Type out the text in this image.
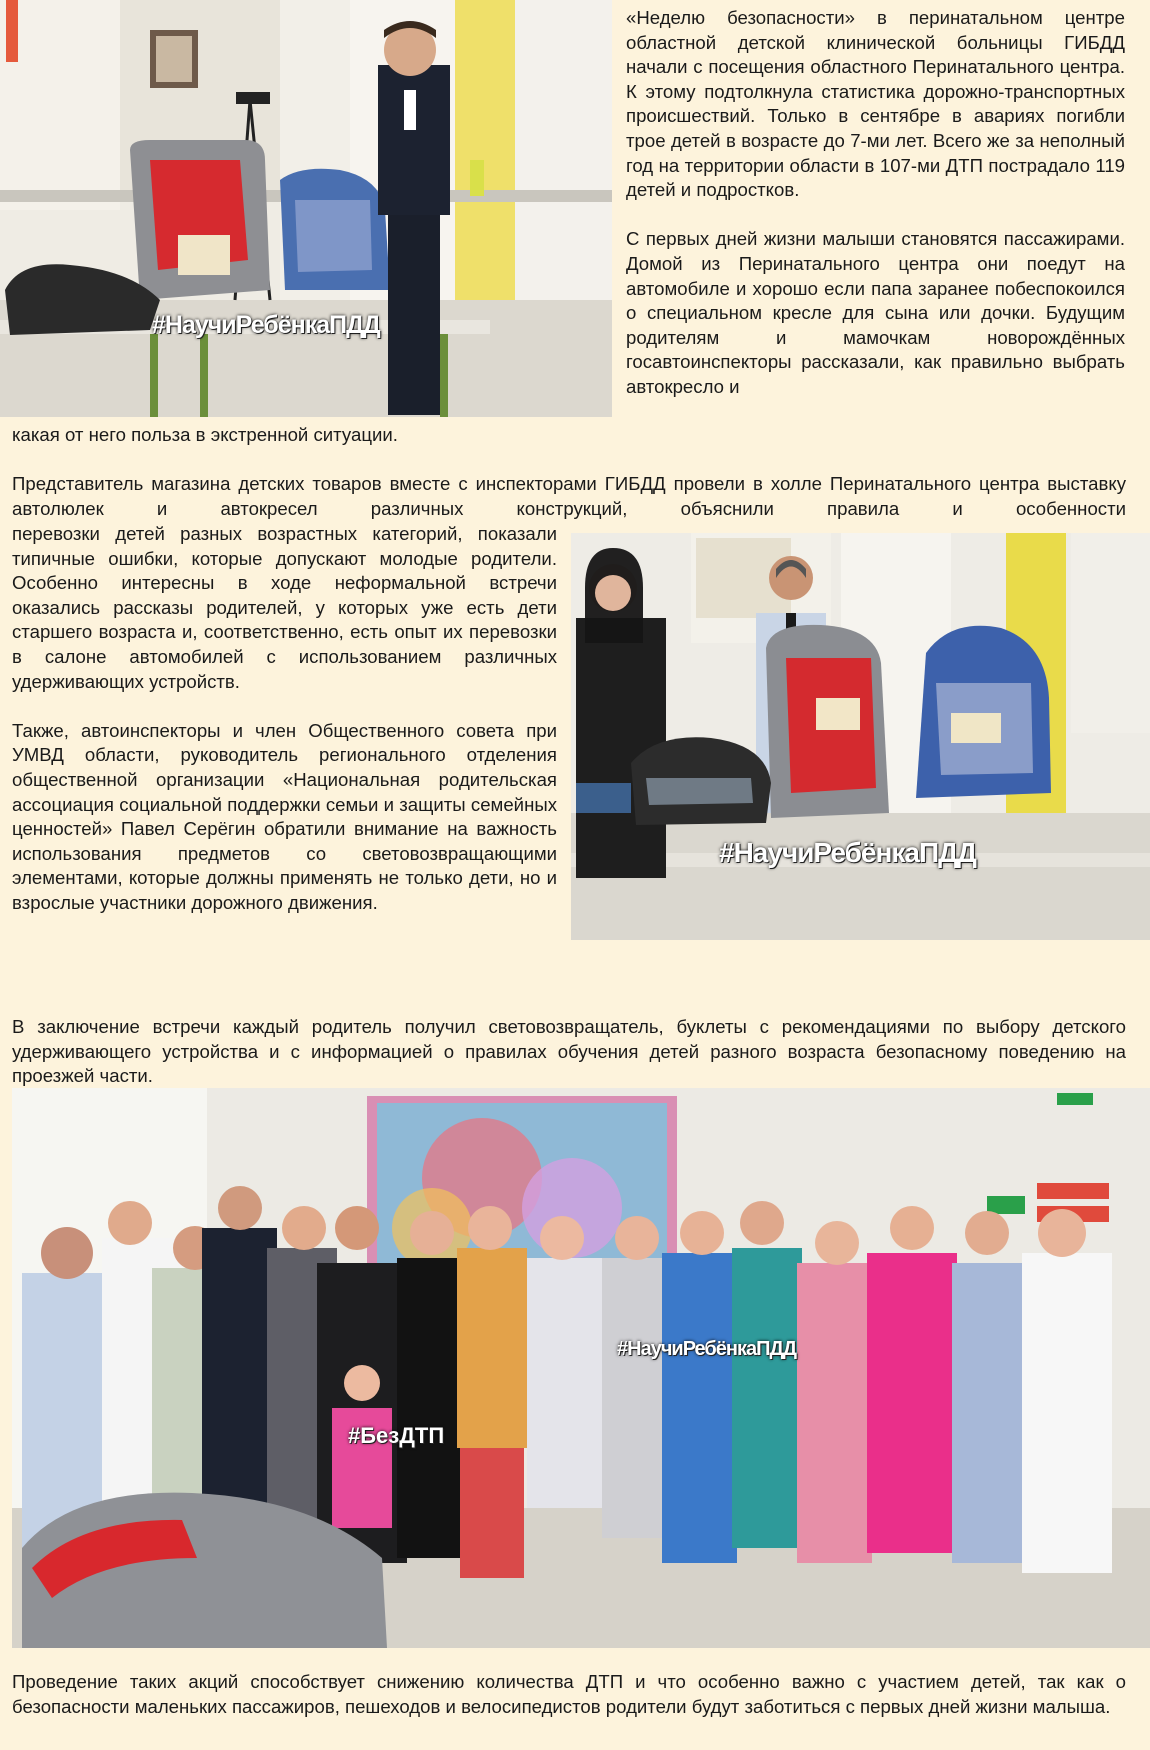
#НаучиРебёнкаПДД

«Неделю безопасности» в перинатальном центре областной детской клинической больницы ГИБДД начали с посещения областного Перинатального центра. К этому подтолкнула статистика дорожно-транспортных происшествий. Только в сентябре в авариях погибли трое детей в возрасте до 7-ми лет. Всего же за неполный год на территории области в 107-ми ДТП пострадало 119 детей и подростков.

С первых дней жизни малыши становятся пассажирами. Домой из Перинатального центра они поедут на автомобиле и хорошо если папа заранее побеспокоился о специальном кресле для сына или дочки. Будущим родителям и мамочкам новорождённых госавтоинспекторы рассказали, как правильно выбрать автокресло и

какая от него польза в экстренной ситуации.

Представитель магазина детских товаров вместе с инспекторами ГИБДД провели в холле Перинатального центра выставку автолюлек и автокресел различных конструкций, объяснили правила и особенности

перевозки детей разных возрастных категорий, показали типичные ошибки, которые допускают молодые родители. Особенно интересны в ходе неформальной встречи оказались рассказы родителей, у которых уже есть дети старшего возраста и, соответственно, есть опыт их перевозки в салоне автомобилей с использованием различных удерживающих устройств.

Также, автоинспекторы и член Общественного совета при УМВД области, руководитель регионального отделения общественной организации «Национальная родительская ассоциация социальной поддержки семьи и защиты семейных ценностей» Павел Серёгин обратили внимание на важность использования предметов со световозвращающими элементами, которые должны применять не только дети, но и взрослые участники дорожного движения.

#НаучиРебёнкаПДД

В заключение встречи каждый родитель получил световозвращатель, буклеты с рекомендациями по выбору детского удерживающего устройства и с информацией о правилах обучения детей разного возраста безопасному поведению на проезжей части.

#НаучиРебёнкаПДД
#БезДТП

Проведение таких акций способствует снижению количества ДТП и что особенно важно с участием детей, так как о безопасности маленьких пассажиров, пешеходов и велосипедистов родители будут заботиться с первых дней жизни малыша.
